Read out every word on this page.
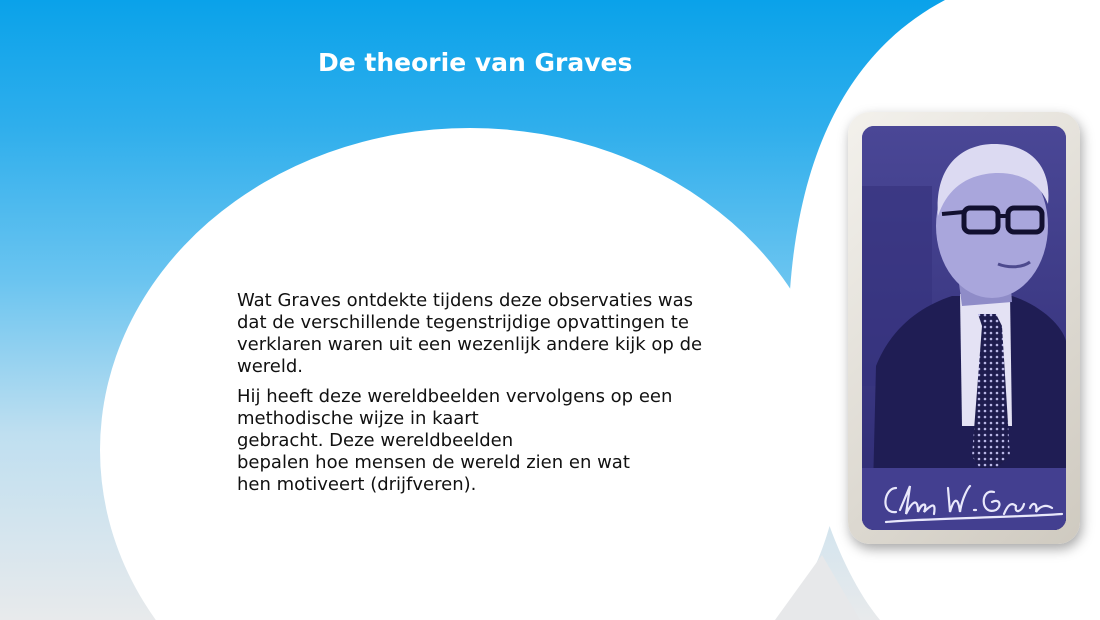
De theorie van Graves

Wat Graves ontdekte tijdens deze observaties was
dat de verschillende tegenstrijdige opvattingen te
verklaren waren uit een wezenlijk andere kijk op de
wereld.

Hij heeft deze wereldbeelden vervolgens op een
methodische wijze in kaart
gebracht. Deze wereldbeelden
bepalen hoe mensen de wereld zien en wat
hen motiveert (drijfveren).
